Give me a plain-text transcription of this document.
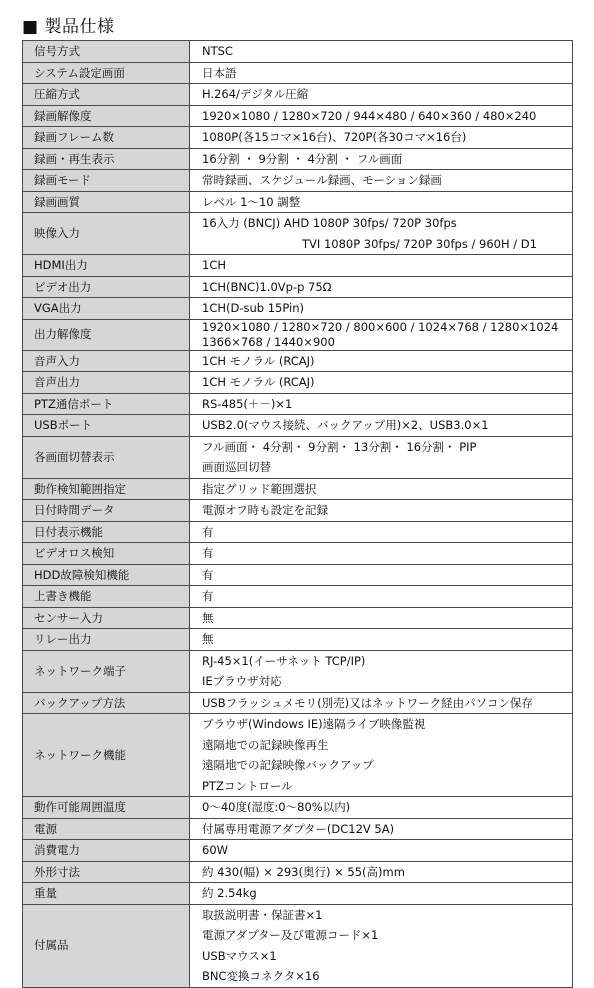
■ 製品仕様
信号方式	NTSC

システム設定画面	日本語

圧縮方式	H.264/デジタル圧縮

録画解像度	1920×1080 / 1280×720 / 944×480 / 640×360 / 480×240

録画フレーム数	1080P(各15コマ×16台)、720P(各30コマ×16台)

録画・再生表示	16分割 ・ 9分割 ・ 4分割 ・ フル画面

録画モード	常時録画、スケジュール録画、モーション録画

録画画質	レベル 1～10 調整

映像入力	16入力 (BNCJ) AHD 1080P 30fps/ 720P 30fps
TVI 1080P 30fps/ 720P 30fps / 960H / D1

HDMI出力	1CH

ビデオ出力	1CH(BNC)1.0Vp-p 75Ω

VGA出力	1CH(D-sub 15Pin)

出力解像度	1920×1080 / 1280×720 / 800×600 / 1024×768 / 1280×1024
1366×768 / 1440×900

音声入力	1CH モノラル (RCAJ)

音声出力	1CH モノラル (RCAJ)

PTZ通信ポート	RS-485(＋－)×1

USBポート	USB2.0(マウス接続、バックアップ用)×2、USB3.0×1

各画面切替表示	フル画面・ 4分割・ 9分割・ 13分割・ 16分割・ PIP
画面巡回切替

動作検知範囲指定	指定グリッド範囲選択

日付時間データ	電源オフ時も設定を記録

日付表示機能	有

ビデオロス検知	有

HDD故障検知機能	有

上書き機能	有

センサー入力	無

リレー出力	無

ネットワーク端子	RJ-45×1(イーサネット TCP/IP)
IEブラウザ対応

バックアップ方法	USBフラッシュメモリ(別売)又はネットワーク経由パソコン保存

ネットワーク機能	ブラウザ(Windows IE)遠隔ライブ映像監視
遠隔地での記録映像再生
遠隔地での記録映像バックアップ
PTZコントロール

動作可能周囲温度	0～40度(湿度:0～80%以内)

電源	付属専用電源アダプター(DC12V 5A)

消費電力	60W

外形寸法	約 430(幅) × 293(奥行) × 55(高)mm

重量	約 2.54kg

付属品	取扱説明書・保証書×1
電源アダプター及び電源コード×1
USBマウス×1
BNC変換コネクタ×16
